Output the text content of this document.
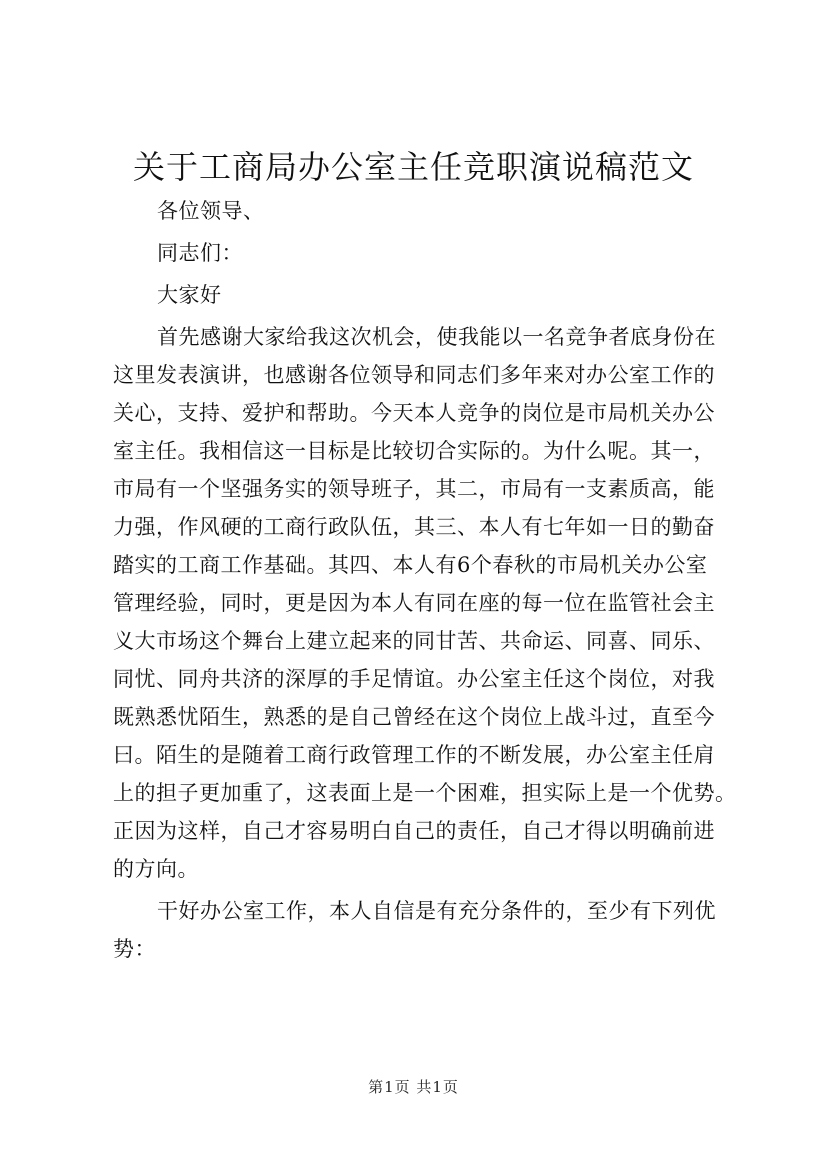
关于工商局办公室主任竞职演说稿范文
各位领导、
同志们：
大家好
首先感谢大家给我这次机会，使我能以一名竞争者底身份在
这里发表演讲，也感谢各位领导和同志们多年来对办公室工作的
关心，支持、爱护和帮助。今天本人竞争的岗位是市局机关办公
室主任。我相信这一目标是比较切合实际的。为什么呢。其一，
市局有一个坚强务实的领导班子，其二，市局有一支素质高，能
力强，作风硬的工商行政队伍，其三、本人有七年如一日的勤奋
踏实的工商工作基础。其四、本人有6个春秋的市局机关办公室
管理经验，同时，更是因为本人有同在座的每一位在监管社会主
义大市场这个舞台上建立起来的同甘苦、共命运、同喜、同乐、
同忧、同舟共济的深厚的手足情谊。办公室主任这个岗位，对我
既熟悉忧陌生，熟悉的是自己曾经在这个岗位上战斗过，直至今
曰。陌生的是随着工商行政管理工作的不断发展，办公室主任肩
上的担子更加重了，这表面上是一个困难，担实际上是一个优势。
正因为这样，自己才容易明白自己的责任，自己才得以明确前进
的方向。
干好办公室工作，本人自信是有充分条件的，至少有下列优
势：
第1页 共1页
